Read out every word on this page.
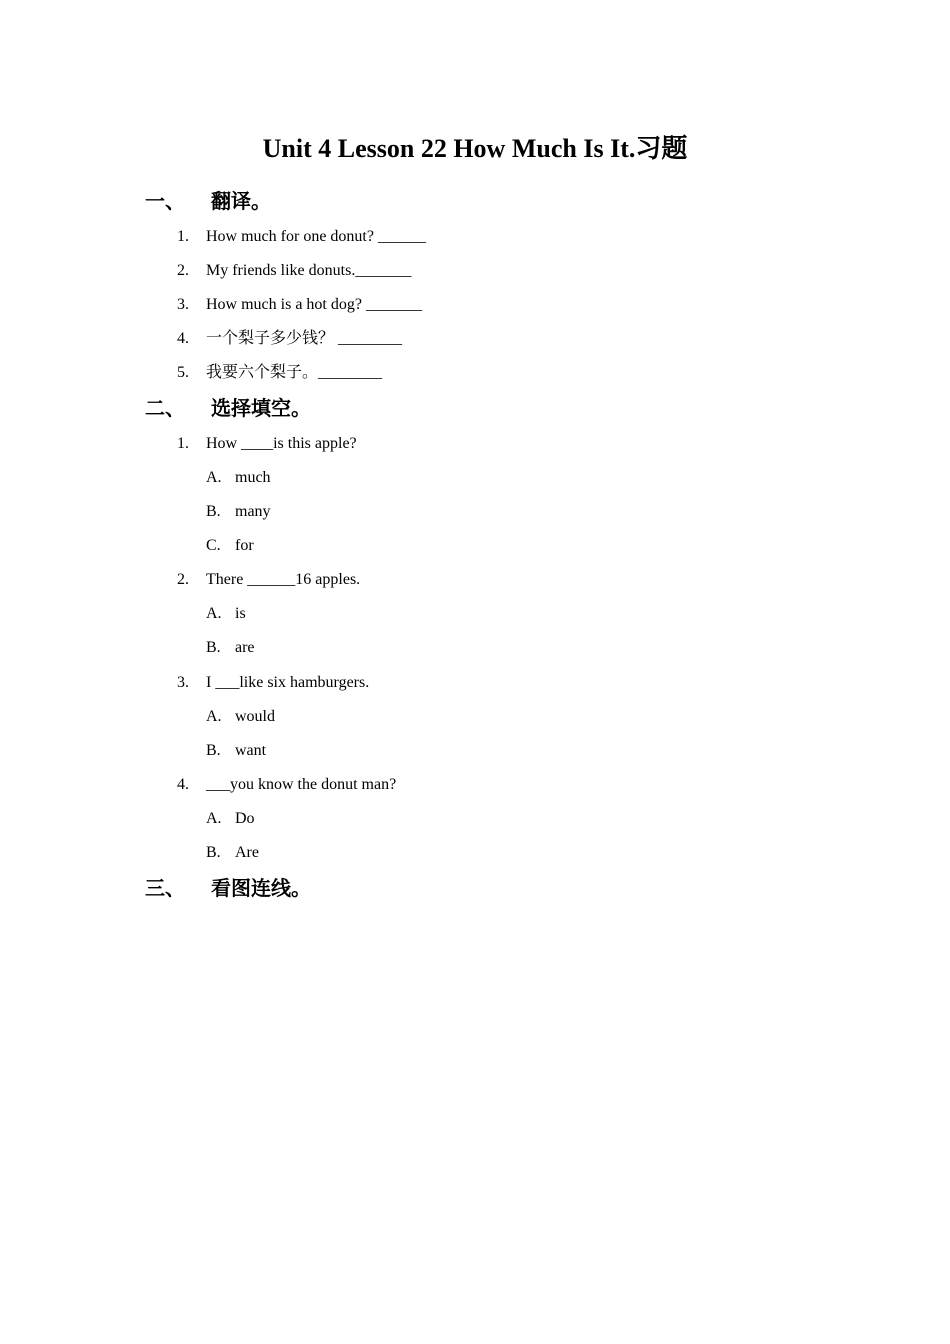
Unit 4 Lesson 22 How Much Is It.习题
一、 翻译。
1.	How much for one donut? ______
2.	My friends like donuts._______
3.	How much is a hot dog? _______
4.	一个梨子多少钱？ ________
5.	我要六个梨子。________
二、 选择填空。
1.	How ____is this apple?
A. much
B. many
C. for
2.	There ______16 apples.
A. is
B. are
3.	I ___like six hamburgers.
A. would
B. want
4.	___you know the donut man?
A. Do
B. Are
三、 看图连线。
